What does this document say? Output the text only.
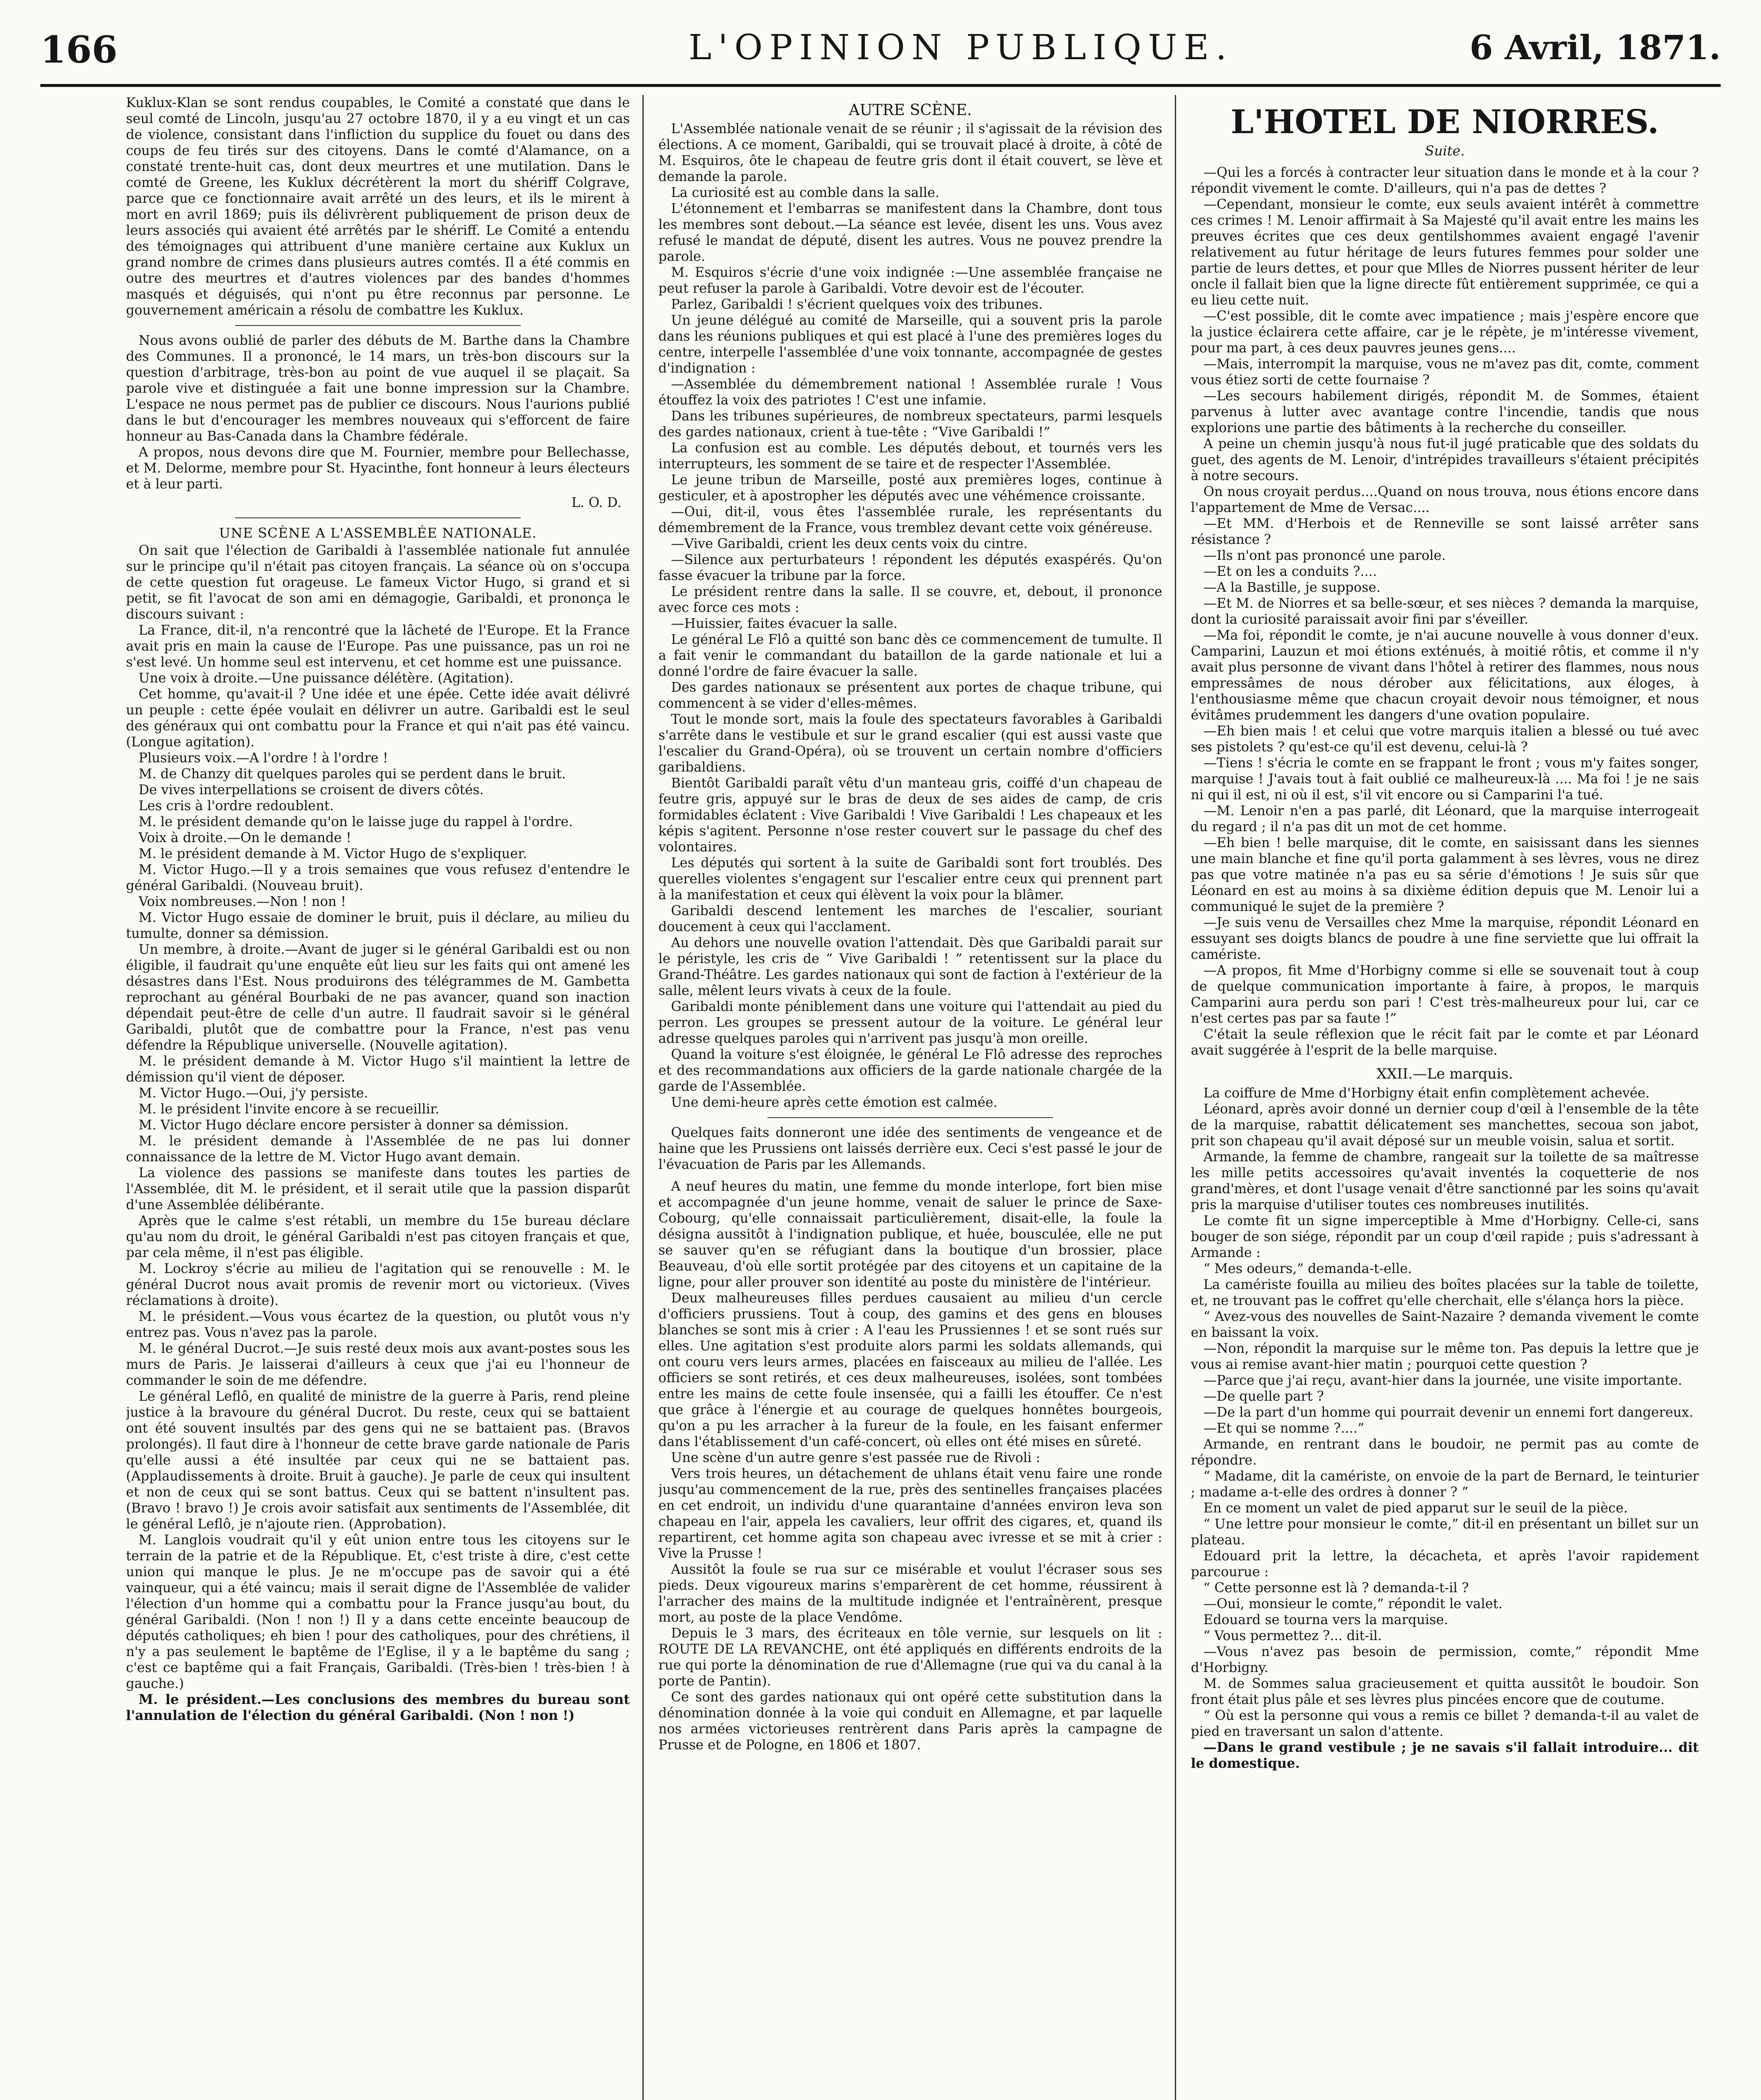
166	L'OPINION PUBLIQUE.	6 Avril, 1871.

Kuklux-Klan se sont rendus coupables, le Comité a constaté que dans le seul comté de Lincoln, jusqu'au 27 octobre 1870, il y a eu vingt et un cas de violence, consistant dans l'infliction du supplice du fouet ou dans des coups de feu tirés sur des citoyens. Dans le comté d'Alamance, on a constaté trente-huit cas, dont deux meurtres et une mutilation. Dans le comté de Greene, les Kuklux décrétèrent la mort du shériff Colgrave, parce que ce fonctionnaire avait arrêté un des leurs, et ils le mirent à mort en avril 1869; puis ils délivrèrent publiquement de prison deux de leurs associés qui avaient été arrêtés par le shériff. Le Comité a entendu des témoignages qui attribuent d'une manière certaine aux Kuklux un grand nombre de crimes dans plusieurs autres comtés. Il a été commis en outre des meurtres et d'autres violences par des bandes d'hommes masqués et déguisés, qui n'ont pu être reconnus par personne. Le gouvernement américain a résolu de combattre les Kuklux.

Nous avons oublié de parler des débuts de M. Barthe dans la Chambre des Communes. Il a prononcé, le 14 mars, un très-bon discours sur la question d'arbitrage, très-bon au point de vue auquel il se plaçait. Sa parole vive et distinguée a fait une bonne impression sur la Chambre. L'espace ne nous permet pas de publier ce discours. Nous l'aurions publié dans le but d'encourager les membres nouveaux qui s'efforcent de faire honneur au Bas-Canada dans la Chambre fédérale.

A propos, nous devons dire que M. Fournier, membre pour Bellechasse, et M. Delorme, membre pour St. Hyacinthe, font honneur à leurs électeurs et à leur parti.

L. O. D.

UNE SCÈNE A L'ASSEMBLÉE NATIONALE.

On sait que l'élection de Garibaldi à l'assemblée nationale fut annulée sur le principe qu'il n'était pas citoyen français. La séance où on s'occupa de cette question fut orageuse. Le fameux Victor Hugo, si grand et si petit, se fit l'avocat de son ami en démagogie, Garibaldi, et prononça le discours suivant :

La France, dit-il, n'a rencontré que la lâcheté de l'Europe. Et la France avait pris en main la cause de l'Europe. Pas une puissance, pas un roi ne s'est levé. Un homme seul est intervenu, et cet homme est une puissance.

Une voix à droite.—Une puissance délétère. (Agitation).

Cet homme, qu'avait-il ? Une idée et une épée. Cette idée avait délivré un peuple : cette épée voulait en délivrer un autre. Garibaldi est le seul des généraux qui ont combattu pour la France et qui n'ait pas été vaincu. (Longue agitation).

Plusieurs voix.—A l'ordre ! à l'ordre !

M. de Chanzy dit quelques paroles qui se perdent dans le bruit.

De vives interpellations se croisent de divers côtés.

Les cris à l'ordre redoublent.

M. le président demande qu'on le laisse juge du rappel à l'ordre.

Voix à droite.—On le demande !

M. le président demande à M. Victor Hugo de s'expliquer.

M. Victor Hugo.—Il y a trois semaines que vous refusez d'entendre le général Garibaldi. (Nouveau bruit).

Voix nombreuses.—Non ! non !

M. Victor Hugo essaie de dominer le bruit, puis il déclare, au milieu du tumulte, donner sa démission.

Un membre, à droite.—Avant de juger si le général Garibaldi est ou non éligible, il faudrait qu'une enquête eût lieu sur les faits qui ont amené les désastres dans l'Est. Nous produirons des télégrammes de M. Gambetta reprochant au général Bourbaki de ne pas avancer, quand son inaction dépendait peut-être de celle d'un autre. Il faudrait savoir si le général Garibaldi, plutôt que de combattre pour la France, n'est pas venu défendre la République universelle. (Nouvelle agitation).

M. le président demande à M. Victor Hugo s'il maintient la lettre de démission qu'il vient de déposer.

M. Victor Hugo.—Oui, j'y persiste.

M. le président l'invite encore à se recueillir.

M. Victor Hugo déclare encore persister à donner sa démission.

M. le président demande à l'Assemblée de ne pas lui donner connaissance de la lettre de M. Victor Hugo avant demain.

La violence des passions se manifeste dans toutes les parties de l'Assemblée, dit M. le président, et il serait utile que la passion disparût d'une Assemblée délibérante.

Après que le calme s'est rétabli, un membre du 15e bureau déclare qu'au nom du droit, le général Garibaldi n'est pas citoyen français et que, par cela même, il n'est pas éligible.

M. Lockroy s'écrie au milieu de l'agitation qui se renouvelle : M. le général Ducrot nous avait promis de revenir mort ou victorieux. (Vives réclamations à droite).

M. le président.—Vous vous écartez de la question, ou plutôt vous n'y entrez pas. Vous n'avez pas la parole.

M. le général Ducrot.—Je suis resté deux mois aux avant-postes sous les murs de Paris. Je laisserai d'ailleurs à ceux que j'ai eu l'honneur de commander le soin de me défendre.

Le général Leflô, en qualité de ministre de la guerre à Paris, rend pleine justice à la bravoure du général Ducrot. Du reste, ceux qui se battaient ont été souvent insultés par des gens qui ne se battaient pas. (Bravos prolongés). Il faut dire à l'honneur de cette brave garde nationale de Paris qu'elle aussi a été insultée par ceux qui ne se battaient pas. (Applaudissements à droite. Bruit à gauche). Je parle de ceux qui insultent et non de ceux qui se sont battus. Ceux qui se battent n'insultent pas. (Bravo ! bravo !) Je crois avoir satisfait aux sentiments de l'Assemblée, dit le général Leflô, je n'ajoute rien. (Approbation).

M. Langlois voudrait qu'il y eût union entre tous les citoyens sur le terrain de la patrie et de la République. Et, c'est triste à dire, c'est cette union qui manque le plus. Je ne m'occupe pas de savoir qui a été vainqueur, qui a été vaincu; mais il serait digne de l'Assemblée de valider l'élection d'un homme qui a combattu pour la France jusqu'au bout, du général Garibaldi. (Non ! non !) Il y a dans cette enceinte beaucoup de députés catholiques; eh bien ! pour des catholiques, pour des chrétiens, il n'y a pas seulement le baptême de l'Eglise, il y a le baptême du sang ; c'est ce baptême qui a fait Français, Garibaldi. (Très-bien ! très-bien ! à gauche.)

M. le président.—Les conclusions des membres du bureau sont l'annulation de l'élection du général Garibaldi. (Non ! non !)

AUTRE SCÈNE.

L'Assemblée nationale venait de se réunir ; il s'agissait de la révision des élections. A ce moment, Garibaldi, qui se trouvait placé à droite, à côté de M. Esquiros, ôte le chapeau de feutre gris dont il était couvert, se lève et demande la parole.

La curiosité est au comble dans la salle.

L'étonnement et l'embarras se manifestent dans la Chambre, dont tous les membres sont debout.—La séance est levée, disent les uns. Vous avez refusé le mandat de député, disent les autres. Vous ne pouvez prendre la parole.

M. Esquiros s'écrie d'une voix indignée :—Une assemblée française ne peut refuser la parole à Garibaldi. Votre devoir est de l'écouter.

Parlez, Garibaldi ! s'écrient quelques voix des tribunes.

Un jeune délégué au comité de Marseille, qui a souvent pris la parole dans les réunions publiques et qui est placé à l'une des premières loges du centre, interpelle l'assemblée d'une voix tonnante, accompagnée de gestes d'indignation :

—Assemblée du démembrement national ! Assemblée rurale ! Vous étouffez la voix des patriotes ! C'est une infamie.

Dans les tribunes supérieures, de nombreux spectateurs, parmi lesquels des gardes nationaux, crient à tue-tête : “Vive Garibaldi !”

La confusion est au comble. Les députés debout, et tournés vers les interrupteurs, les somment de se taire et de respecter l'Assemblée.

Le jeune tribun de Marseille, posté aux premières loges, continue à gesticuler, et à apostropher les députés avec une véhémence croissante.

—Oui, dit-il, vous êtes l'assemblée rurale, les représentants du démembrement de la France, vous tremblez devant cette voix généreuse.

—Vive Garibaldi, crient les deux cents voix du cintre.

—Silence aux perturbateurs ! répondent les députés exaspérés. Qu'on fasse évacuer la tribune par la force.

Le président rentre dans la salle. Il se couvre, et, debout, il prononce avec force ces mots :

—Huissier, faites évacuer la salle.

Le général Le Flô a quitté son banc dès ce commencement de tumulte. Il a fait venir le commandant du bataillon de la garde nationale et lui a donné l'ordre de faire évacuer la salle.

Des gardes nationaux se présentent aux portes de chaque tribune, qui commencent à se vider d'elles-mêmes.

Tout le monde sort, mais la foule des spectateurs favorables à Garibaldi s'arrête dans le vestibule et sur le grand escalier (qui est aussi vaste que l'escalier du Grand-Opéra), où se trouvent un certain nombre d'officiers garibaldiens.

Bientôt Garibaldi paraît vêtu d'un manteau gris, coiffé d'un chapeau de feutre gris, appuyé sur le bras de deux de ses aides de camp, de cris formidables éclatent : Vive Garibaldi ! Vive Garibaldi ! Les chapeaux et les képis s'agitent. Personne n'ose rester couvert sur le passage du chef des volontaires.

Les députés qui sortent à la suite de Garibaldi sont fort troublés. Des querelles violentes s'engagent sur l'escalier entre ceux qui prennent part à la manifestation et ceux qui élèvent la voix pour la blâmer.

Garibaldi descend lentement les marches de l'escalier, souriant doucement à ceux qui l'acclament.

Au dehors une nouvelle ovation l'attendait. Dès que Garibaldi parait sur le péristyle, les cris de “ Vive Garibaldi ! ” retentissent sur la place du Grand-Théâtre. Les gardes nationaux qui sont de faction à l'extérieur de la salle, mêlent leurs vivats à ceux de la foule.

Garibaldi monte péniblement dans une voiture qui l'attendait au pied du perron. Les groupes se pressent autour de la voiture. Le général leur adresse quelques paroles qui n'arrivent pas jusqu'à mon oreille.

Quand la voiture s'est éloignée, le général Le Flô adresse des reproches et des recommandations aux officiers de la garde nationale chargée de la garde de l'Assemblée.

Une demi-heure après cette émotion est calmée.

Quelques faits donneront une idée des sentiments de vengeance et de haine que les Prussiens ont laissés derrière eux. Ceci s'est passé le jour de l'évacuation de Paris par les Allemands.

A neuf heures du matin, une femme du monde interlope, fort bien mise et accompagnée d'un jeune homme, venait de saluer le prince de Saxe-Cobourg, qu'elle connaissait particulièrement, disait-elle, la foule la désigna aussitôt à l'indignation publique, et huée, bousculée, elle ne put se sauver qu'en se réfugiant dans la boutique d'un brossier, place Beauveau, d'où elle sortit protégée par des citoyens et un capitaine de la ligne, pour aller prouver son identité au poste du ministère de l'intérieur.

Deux malheureuses filles perdues causaient au milieu d'un cercle d'officiers prussiens. Tout à coup, des gamins et des gens en blouses blanches se sont mis à crier : A l'eau les Prussiennes ! et se sont rués sur elles. Une agitation s'est produite alors parmi les soldats allemands, qui ont couru vers leurs armes, placées en faisceaux au milieu de l'allée. Les officiers se sont retirés, et ces deux malheureuses, isolées, sont tombées entre les mains de cette foule insensée, qui a failli les étouffer. Ce n'est que grâce à l'énergie et au courage de quelques honnêtes bourgeois, qu'on a pu les arracher à la fureur de la foule, en les faisant enfermer dans l'établissement d'un café-concert, où elles ont été mises en sûreté.

Une scène d'un autre genre s'est passée rue de Rivoli :

Vers trois heures, un détachement de uhlans était venu faire une ronde jusqu'au commencement de la rue, près des sentinelles françaises placées en cet endroit, un individu d'une quarantaine d'années environ leva son chapeau en l'air, appela les cavaliers, leur offrit des cigares, et, quand ils repartirent, cet homme agita son chapeau avec ivresse et se mit à crier : Vive la Prusse !

Aussitôt la foule se rua sur ce misérable et voulut l'écraser sous ses pieds. Deux vigoureux marins s'emparèrent de cet homme, réussirent à l'arracher des mains de la multitude indignée et l'entraînèrent, presque mort, au poste de la place Vendôme.

Depuis le 3 mars, des écriteaux en tôle vernie, sur lesquels on lit : ROUTE DE LA REVANCHE, ont été appliqués en différents endroits de la rue qui porte la dénomination de rue d'Allemagne (rue qui va du canal à la porte de Pantin).

Ce sont des gardes nationaux qui ont opéré cette substitution dans la dénomination donnée à la voie qui conduit en Allemagne, et par laquelle nos armées victorieuses rentrèrent dans Paris après la campagne de Prusse et de Pologne, en 1806 et 1807.

L'HOTEL DE NIORRES.

Suite.

—Qui les a forcés à contracter leur situation dans le monde et à la cour ? répondit vivement le comte. D'ailleurs, qui n'a pas de dettes ?

—Cependant, monsieur le comte, eux seuls avaient intérêt à commettre ces crimes ! M. Lenoir affirmait à Sa Majesté qu'il avait entre les mains les preuves écrites que ces deux gentilshommes avaient engagé l'avenir relativement au futur héritage de leurs futures femmes pour solder une partie de leurs dettes, et pour que Mlles de Niorres pussent hériter de leur oncle il fallait bien que la ligne directe fût entièrement supprimée, ce qui a eu lieu cette nuit.

—C'est possible, dit le comte avec impatience ; mais j'espère encore que la justice éclairera cette affaire, car je le répète, je m'intéresse vivement, pour ma part, à ces deux pauvres jeunes gens....

—Mais, interrompit la marquise, vous ne m'avez pas dit, comte, comment vous étiez sorti de cette fournaise ?

—Les secours habilement dirigés, répondit M. de Sommes, étaient parvenus à lutter avec avantage contre l'incendie, tandis que nous explorions une partie des bâtiments à la recherche du conseiller.

A peine un chemin jusqu'à nous fut-il jugé praticable que des soldats du guet, des agents de M. Lenoir, d'intrépides travailleurs s'étaient précipités à notre secours.

On nous croyait perdus....Quand on nous trouva, nous étions encore dans l'appartement de Mme de Versac....

—Et MM. d'Herbois et de Renneville se sont laissé arrêter sans résistance ?

—Ils n'ont pas prononcé une parole.

—Et on les a conduits ?....

—A la Bastille, je suppose.

—Et M. de Niorres et sa belle-sœur, et ses nièces ? demanda la marquise, dont la curiosité paraissait avoir fini par s'éveiller.

—Ma foi, répondit le comte, je n'ai aucune nouvelle à vous donner d'eux. Camparini, Lauzun et moi étions exténués, à moitié rôtis, et comme il n'y avait plus personne de vivant dans l'hôtel à retirer des flammes, nous nous empressâmes de nous dérober aux félicitations, aux éloges, à l'enthousiasme même que chacun croyait devoir nous témoigner, et nous évitâmes prudemment les dangers d'une ovation populaire.

—Eh bien mais ! et celui que votre marquis italien a blessé ou tué avec ses pistolets ? qu'est-ce qu'il est devenu, celui-là ?

—Tiens ! s'écria le comte en se frappant le front ; vous m'y faites songer, marquise ! J'avais tout à fait oublié ce malheureux-là .... Ma foi ! je ne sais ni qui il est, ni où il est, s'il vit encore ou si Camparini l'a tué.

—M. Lenoir n'en a pas parlé, dit Léonard, que la marquise interrogeait du regard ; il n'a pas dit un mot de cet homme.

—Eh bien ! belle marquise, dit le comte, en saisissant dans les siennes une main blanche et fine qu'il porta galamment à ses lèvres, vous ne direz pas que votre matinée n'a pas eu sa série d'émotions ! Je suis sûr que Léonard en est au moins à sa dixième édition depuis que M. Lenoir lui a communiqué le sujet de la première ?

—Je suis venu de Versailles chez Mme la marquise, répondit Léonard en essuyant ses doigts blancs de poudre à une fine serviette que lui offrait la camériste.

—A propos, fit Mme d'Horbigny comme si elle se souvenait tout à coup de quelque communication importante à faire, à propos, le marquis Camparini aura perdu son pari ! C'est très-malheureux pour lui, car ce n'est certes pas par sa faute !”

C'était la seule réflexion que le récit fait par le comte et par Léonard avait suggérée à l'esprit de la belle marquise.

XXII.—Le marquis.

La coiffure de Mme d'Horbigny était enfin complètement achevée.

Léonard, après avoir donné un dernier coup d'œil à l'ensemble de la tête de la marquise, rabattit délicatement ses manchettes, secoua son jabot, prit son chapeau qu'il avait déposé sur un meuble voisin, salua et sortit.

Armande, la femme de chambre, rangeait sur la toilette de sa maîtresse les mille petits accessoires qu'avait inventés la coquetterie de nos grand'mères, et dont l'usage venait d'être sanctionné par les soins qu'avait pris la marquise d'utiliser toutes ces nombreuses inutilités.

Le comte fit un signe imperceptible à Mme d'Horbigny. Celle-ci, sans bouger de son siége, répondit par un coup d'œil rapide ; puis s'adressant à Armande :

“ Mes odeurs,” demanda-t-elle.

La camériste fouilla au milieu des boîtes placées sur la table de toilette, et, ne trouvant pas le coffret qu'elle cherchait, elle s'élança hors la pièce.

“ Avez-vous des nouvelles de Saint-Nazaire ? demanda vivement le comte en baissant la voix.

—Non, répondit la marquise sur le même ton. Pas depuis la lettre que je vous ai remise avant-hier matin ; pourquoi cette question ?

—Parce que j'ai reçu, avant-hier dans la journée, une visite importante.

—De quelle part ?

—De la part d'un homme qui pourrait devenir un ennemi fort dangereux.

—Et qui se nomme ?....”

Armande, en rentrant dans le boudoir, ne permit pas au comte de répondre.

“ Madame, dit la camériste, on envoie de la part de Bernard, le teinturier ; madame a-t-elle des ordres à donner ? ”

En ce moment un valet de pied apparut sur le seuil de la pièce.

“ Une lettre pour monsieur le comte,” dit-il en présentant un billet sur un plateau.

Edouard prit la lettre, la décacheta, et après l'avoir rapidement parcourue :

“ Cette personne est là ? demanda-t-il ?

—Oui, monsieur le comte,” répondit le valet.

Edouard se tourna vers la marquise.

“ Vous permettez ?... dit-il.

—Vous n'avez pas besoin de permission, comte,” répondit Mme d'Horbigny.

M. de Sommes salua gracieusement et quitta aussitôt le boudoir. Son front était plus pâle et ses lèvres plus pincées encore que de coutume.

“ Où est la personne qui vous a remis ce billet ? demanda-t-il au valet de pied en traversant un salon d'attente.

—Dans le grand vestibule ; je ne savais s'il fallait introduire... dit le domestique.
